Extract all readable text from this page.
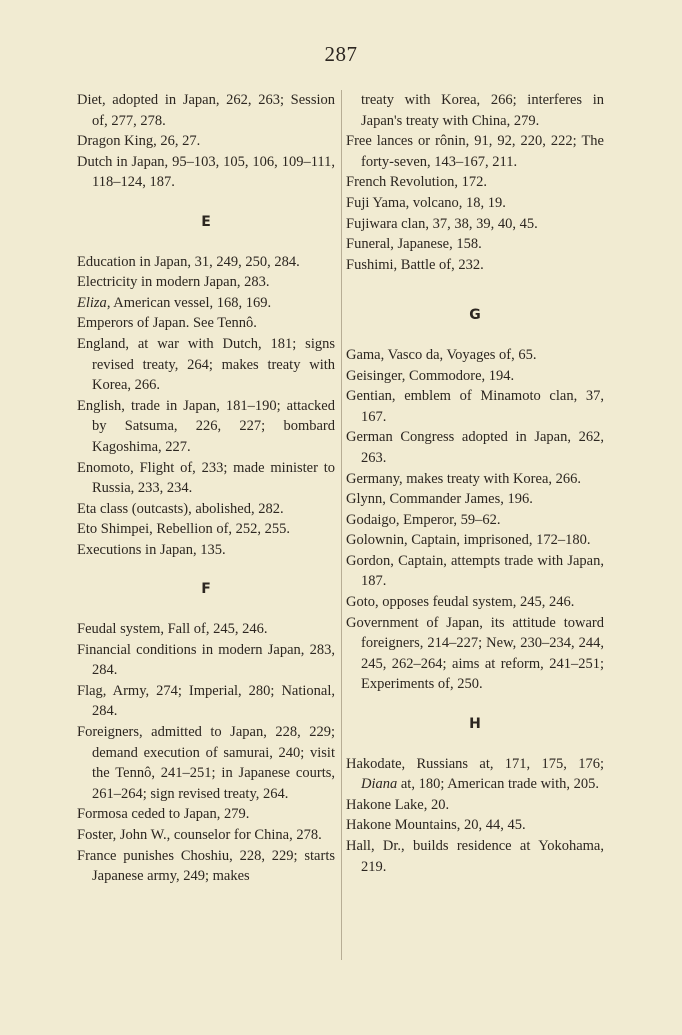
287
Diet, adopted in Japan, 262, 263; Session of, 277, 278.
Dragon King, 26, 27.
Dutch in Japan, 95–103, 105, 106, 109–111, 118–124, 187.
E
Education in Japan, 31, 249, 250, 284.
Electricity in modern Japan, 283.
Eliza, American vessel, 168, 169.
Emperors of Japan. See Tennô.
England, at war with Dutch, 181; signs revised treaty, 264; makes treaty with Korea, 266.
English, trade in Japan, 181–190; attacked by Satsuma, 226, 227; bombard Kagoshima, 227.
Enomoto, Flight of, 233; made minister to Russia, 233, 234.
Eta class (outcasts), abolished, 282.
Eto Shimpei, Rebellion of, 252, 255.
Executions in Japan, 135.
F
Feudal system, Fall of, 245, 246.
Financial conditions in modern Japan, 283, 284.
Flag, Army, 274; Imperial, 280; National, 284.
Foreigners, admitted to Japan, 228, 229; demand execution of samurai, 240; visit the Tennô, 241–251; in Japanese courts, 261–264; sign revised treaty, 264.
Formosa ceded to Japan, 279.
Foster, John W., counselor for China, 278.
France punishes Choshiu, 228, 229; starts Japanese army, 249; makes
treaty with Korea, 266; interferes in Japan's treaty with China, 279.
Free lances or rônin, 91, 92, 220, 222; The forty-seven, 143–167, 211.
French Revolution, 172.
Fuji Yama, volcano, 18, 19.
Fujiwara clan, 37, 38, 39, 40, 45.
Funeral, Japanese, 158.
Fushimi, Battle of, 232.
G
Gama, Vasco da, Voyages of, 65.
Geisinger, Commodore, 194.
Gentian, emblem of Minamoto clan, 37, 167.
German Congress adopted in Japan, 262, 263.
Germany, makes treaty with Korea, 266.
Glynn, Commander James, 196.
Godaigo, Emperor, 59–62.
Golownin, Captain, imprisoned, 172–180.
Gordon, Captain, attempts trade with Japan, 187.
Goto, opposes feudal system, 245, 246.
Government of Japan, its attitude toward foreigners, 214–227; New, 230–234, 244, 245, 262–264; aims at reform, 241–251; Experiments of, 250.
H
Hakodate, Russians at, 171, 175, 176; Diana at, 180; American trade with, 205.
Hakone Lake, 20.
Hakone Mountains, 20, 44, 45.
Hall, Dr., builds residence at Yokohama, 219.
